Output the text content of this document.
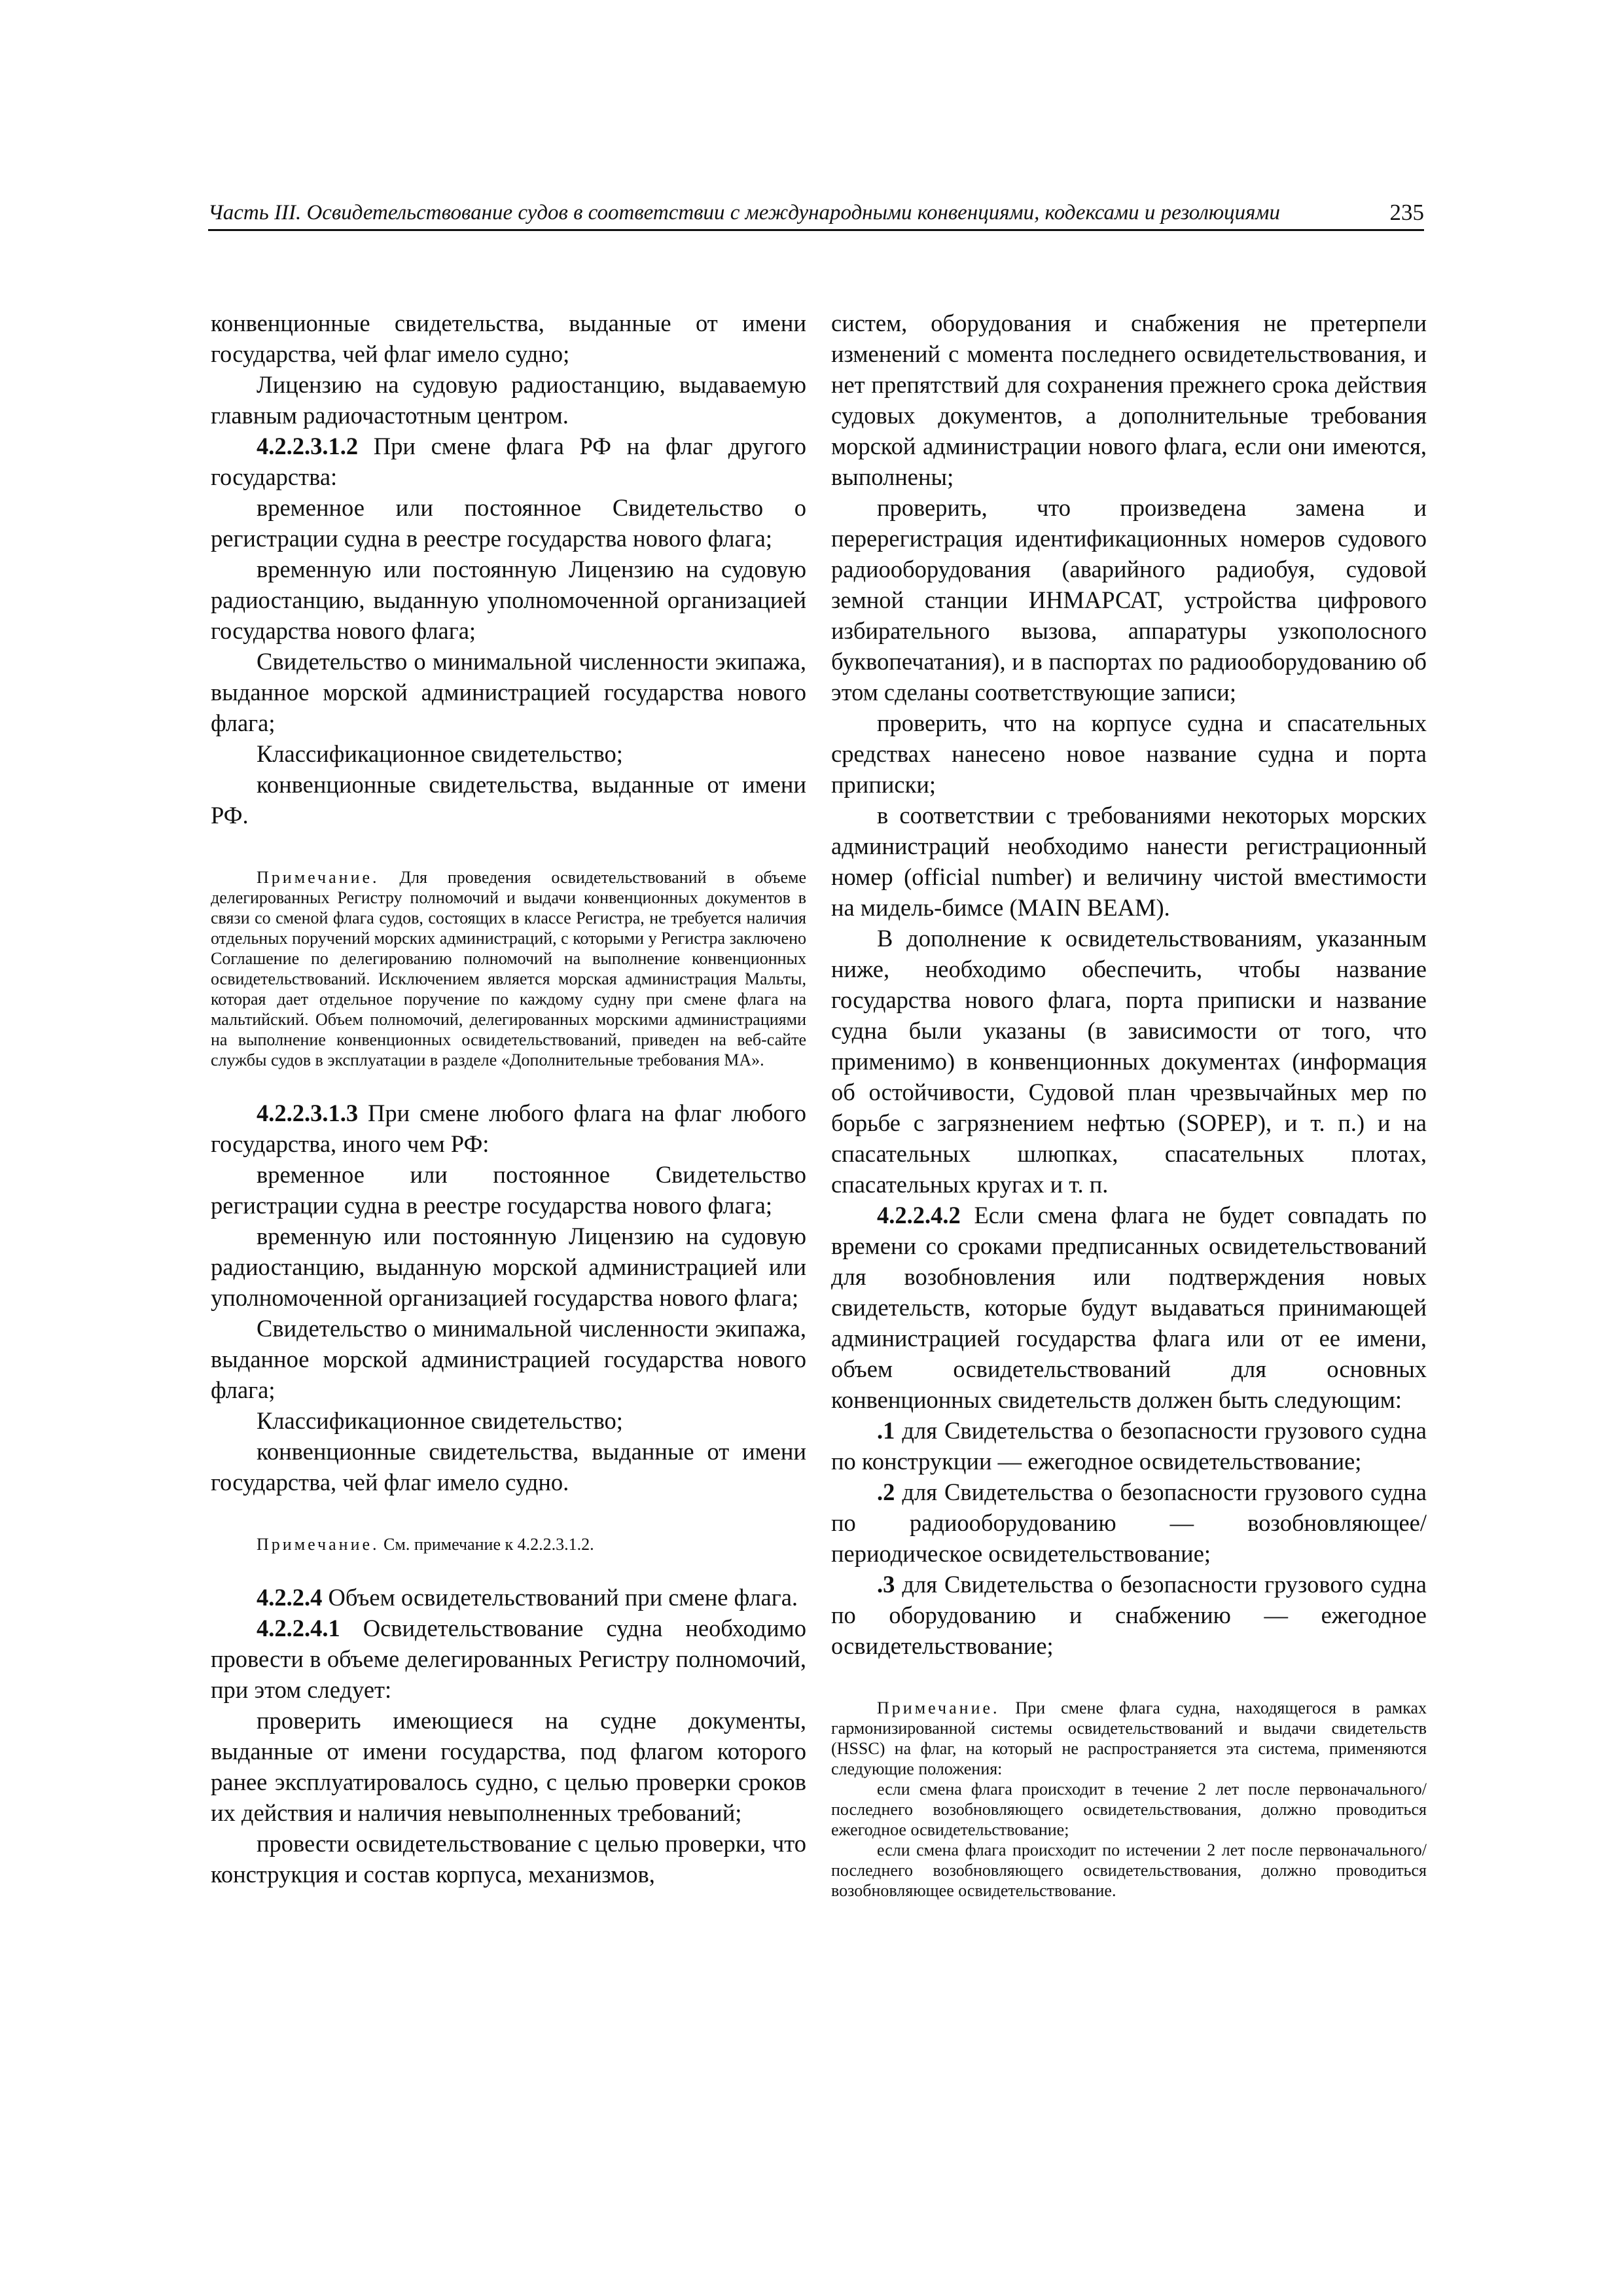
Часть III. Освидетельствование судов в соответствии с международными конвенциями, кодексами и резолюциями	235

конвенционные свидетельства, выданные от имени государства, чей флаг имело судно;

Лицензию на судовую радиостанцию, выдаваемую главным радиочастотным центром.

4.2.2.3.1.2 При смене флага РФ на флаг другого государства:

временное или постоянное Свидетельство о регистрации судна в реестре государства нового флага;

временную или постоянную Лицензию на судовую радиостанцию, выданную уполномоченной организацией государства нового флага;

Свидетельство о минимальной численности экипажа, выданное морской администрацией государства нового флага;

Классификационное свидетельство;

конвенционные свидетельства, выданные от имени РФ.

Примечание. Для проведения освидетельствований в объеме делегированных Регистру полномочий и выдачи конвенционных документов в связи со сменой флага судов, состоящих в классе Регистра, не требуется наличия отдельных поручений морских администраций, с которыми у Регистра заключено Соглашение по делегированию полномочий на выполнение конвенционных освидетельствований. Исключением является морская администрация Мальты, которая дает отдельное поручение по каждому судну при смене флага на мальтийский. Объем полномочий, делегированных морскими администрациями на выполнение конвенционных освидетельствований, приведен на веб-сайте службы судов в эксплуатации в разделе «Дополнительные требования МА».

4.2.2.3.1.3 При смене любого флага на флаг любого государства, иного чем РФ:

временное или постоянное Свидетельство регистрации судна в реестре государства нового флага;

временную или постоянную Лицензию на судовую радиостанцию, выданную морской администрацией или уполномоченной организацией государства нового флага;

Свидетельство о минимальной численности экипажа, выданное морской администрацией государства нового флага;

Классификационное свидетельство;

конвенционные свидетельства, выданные от имени государства, чей флаг имело судно.

Примечание. См. примечание к 4.2.2.3.1.2.

4.2.2.4 Объем освидетельствований при смене флага.

4.2.2.4.1 Освидетельствование судна необходимо провести в объеме делегированных Регистру полномочий, при этом следует:

проверить имеющиеся на судне документы, выданные от имени государства, под флагом которого ранее эксплуатировалось судно, с целью проверки сроков их действия и наличия невыполненных требований;

провести освидетельствование с целью проверки, что конструкция и состав корпуса, механизмов,

систем, оборудования и снабжения не претерпели изменений с момента последнего освидетельствования, и нет препятствий для сохранения прежнего срока действия судовых документов, а дополнительные требования морской администрации нового флага, если они имеются, выполнены;

проверить, что произведена замена и перерегистрация идентификационных номеров судового радиооборудования (аварийного радиобуя, судовой земной станции ИНМАРСАТ, устройства цифрового избирательного вызова, аппаратуры узкополосного буквопечатания), и в паспортах по радиооборудованию об этом сделаны соответствующие записи;

проверить, что на корпусе судна и спасательных средствах нанесено новое название судна и порта приписки;

в соответствии с требованиями некоторых морских администраций необходимо нанести регистрационный номер (official number) и величину чистой вместимости на мидель-бимсе (MAIN BEAM).

В дополнение к освидетельствованиям, указанным ниже, необходимо обеспечить, чтобы название государства нового флага, порта приписки и название судна были указаны (в зависимости от того, что применимо) в конвенционных документах (информация об остойчивости, Судовой план чрезвычайных мер по борьбе с загрязнением нефтью (SOPEP), и т. п.) и на спасательных шлюпках, спасательных плотах, спасательных кругах и т. п.

4.2.2.4.2 Если смена флага не будет совпадать по времени со сроками предписанных освидетельствований для возобновления или подтверждения новых свидетельств, которые будут выдаваться принимающей администрацией государства флага или от ее имени, объем освидетельствований для основных конвенционных свидетельств должен быть следующим:

.1 для Свидетельства о безопасности грузового судна по конструкции — ежегодное освидетельствование;

.2 для Свидетельства о безопасности грузового судна по радиооборудованию — возобновляющее/периодическое освидетельствование;

.3 для Свидетельства о безопасности грузового судна по оборудованию и снабжению — ежегодное освидетельствование;

Примечание. При смене флага судна, находящегося в рамках гармонизированной системы освидетельствований и выдачи свидетельств (HSSC) на флаг, на который не распространяется эта система, применяются следующие положения:

если смена флага происходит в течение 2 лет после первоначального/последнего возобновляющего освидетельствования, должно проводиться ежегодное освидетельствование;

если смена флага происходит по истечении 2 лет после первоначального/последнего возобновляющего освидетельствования, должно проводиться возобновляющее освидетельствование.
